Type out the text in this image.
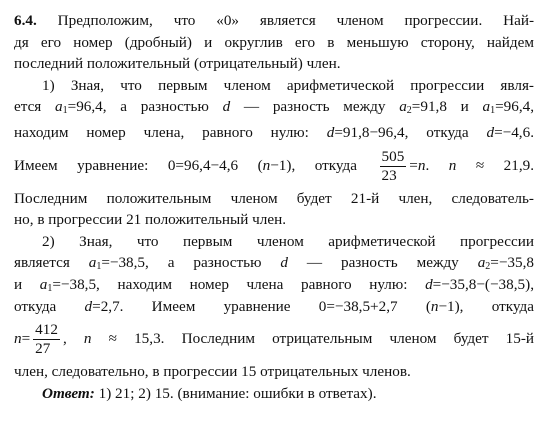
6.4. Предположим, что «0» является членом прогрессии. Най-
дя его номер (дробный) и округлив его в меньшую сторону, найдем
последний положительный (отрицательный) член.
1) Зная, что первым членом арифметической прогрессии явля-
ется $a_1=96,4$, а разностью d — разность между $a_2=91,8$ и $a_1=96,4$,
находим номер члена, равного нулю: d=91,8−96,4, откуда d=−4,6.
Имеем уравнение: 0=96,4−4,6 (n−1), откуда $\frac{505}{23} =n$. n ≈ 21,9.
Последним положительным членом будет 21-й член, следователь-
но, в прогрессии 21 положительный член.
2) Зная, что первым членом арифметической прогрессии
является $a_1=-38,5$, а разностью d — разность между $a_2=-35,8$
и $a_1=-38,5$, находим номер члена равного нулю: d=−35,8−(−38,5),
откуда d=2,7. Имеем уравнение 0=−38,5+2,7 (n−1), откуда
$n= \frac{412}{27}$ , n ≈ 15,3. Последним отрицательным членом будет 15-й
член, следовательно, в прогрессии 15 отрицательных членов.
Ответ: 1) 21; 2) 15. (внимание: ошибки в ответах).
